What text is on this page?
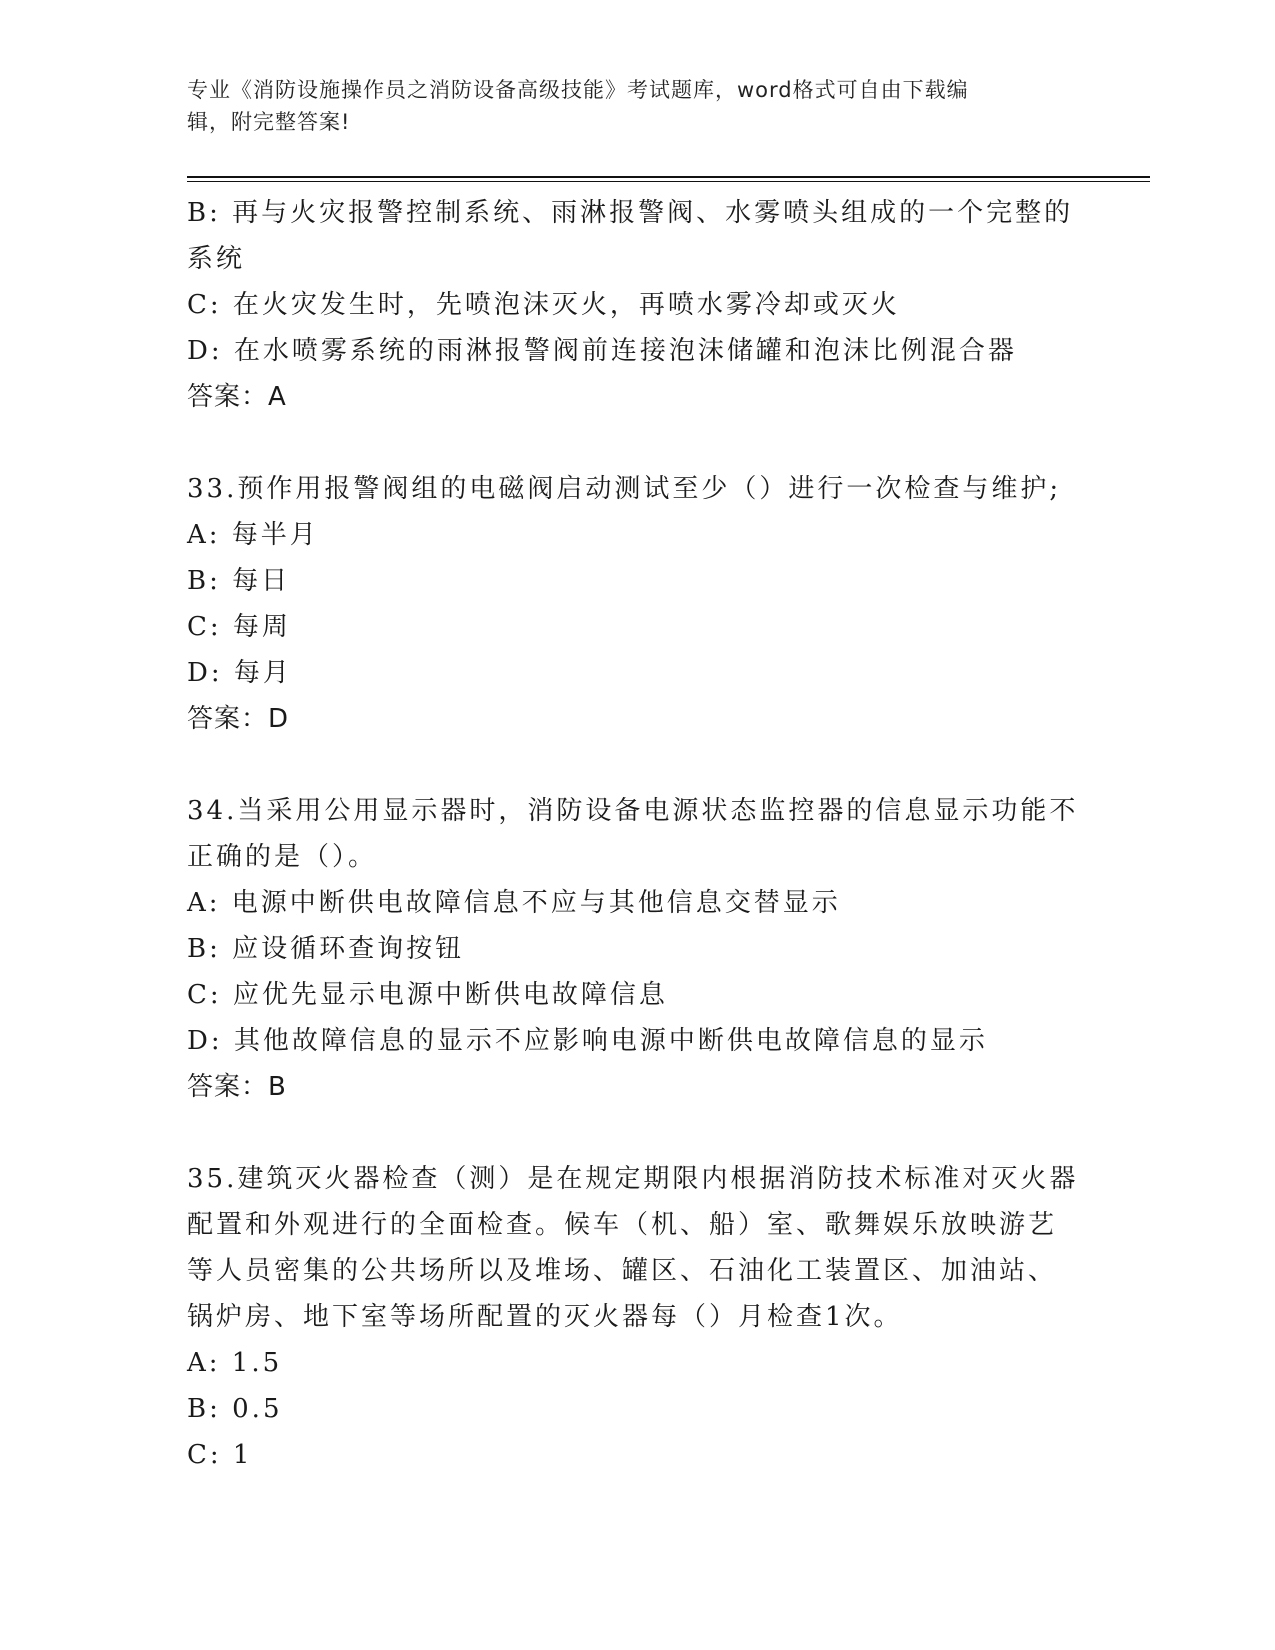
专业《消防设施操作员之消防设备高级技能》考试题库，word格式可自由下载编
辑，附完整答案!
B: 再与火灾报警控制系统、雨淋报警阀、水雾喷头组成的一个完整的
系统
C: 在火灾发生时，先喷泡沫灭火，再喷水雾冷却或灭火
D: 在水喷雾系统的雨淋报警阀前连接泡沫储罐和泡沫比例混合器
答案：A
33.预作用报警阀组的电磁阀启动测试至少（）进行一次检查与维护;
A: 每半月
B: 每日
C: 每周
D: 每月
答案：D
34.当采用公用显示器时，消防设备电源状态监控器的信息显示功能不
正确的是（）。
A: 电源中断供电故障信息不应与其他信息交替显示
B: 应设循环查询按钮
C: 应优先显示电源中断供电故障信息
D: 其他故障信息的显示不应影响电源中断供电故障信息的显示
答案：B
35.建筑灭火器检查（测）是在规定期限内根据消防技术标准对灭火器
配置和外观进行的全面检查。候车（机、船）室、歌舞娱乐放映游艺
等人员密集的公共场所以及堆场、罐区、石油化工装置区、加油站、
锅炉房、地下室等场所配置的灭火器每（）月检查1次。
A: 1.5
B: 0.5
C: 1
